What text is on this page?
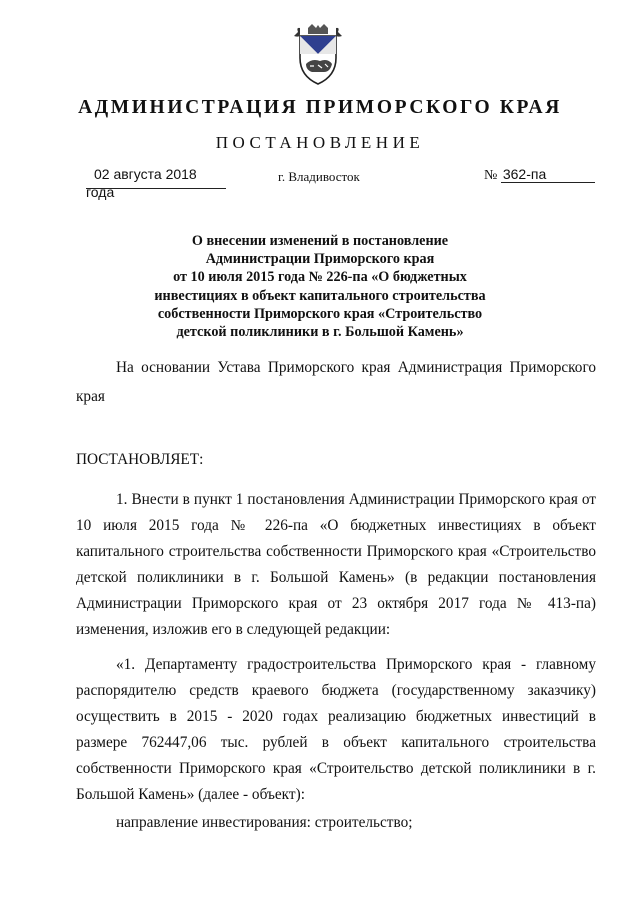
АДМИНИСТРАЦИЯ ПРИМОРСКОГО КРАЯ
ПОСТАНОВЛЕНИЕ
02 августа 2018 года
г. Владивосток	№ 362-па
О внесении изменений в постановление
Администрации Приморского края
от 10 июля 2015 года № 226-па «О бюджетных
инвестициях в объект капитального строительства
собственности Приморского края «Строительство
детской поликлиники в г. Большой Камень»
На основании Устава Приморского края Администрация Приморского края
ПОСТАНОВЛЯЕТ:
1. Внести в пункт 1 постановления Администрации Приморского края от 10 июля 2015 года № 226-па «О бюджетных инвестициях в объект капитального строительства собственности Приморского края «Строительство детской поликлиники в г. Большой Камень» (в редакции постановления Администрации Приморского края от 23 октября 2017 года № 413-па) изменения, изложив его в следующей редакции:
«1. Департаменту градостроительства Приморского края - главному распорядителю средств краевого бюджета (государственному заказчику) осуществить в 2015 - 2020 годах реализацию бюджетных инвестиций в размере 762447,06 тыс. рублей в объект капитального строительства собственности Приморского края «Строительство детской поликлиники в г. Большой Камень» (далее - объект):
направление инвестирования: строительство;
